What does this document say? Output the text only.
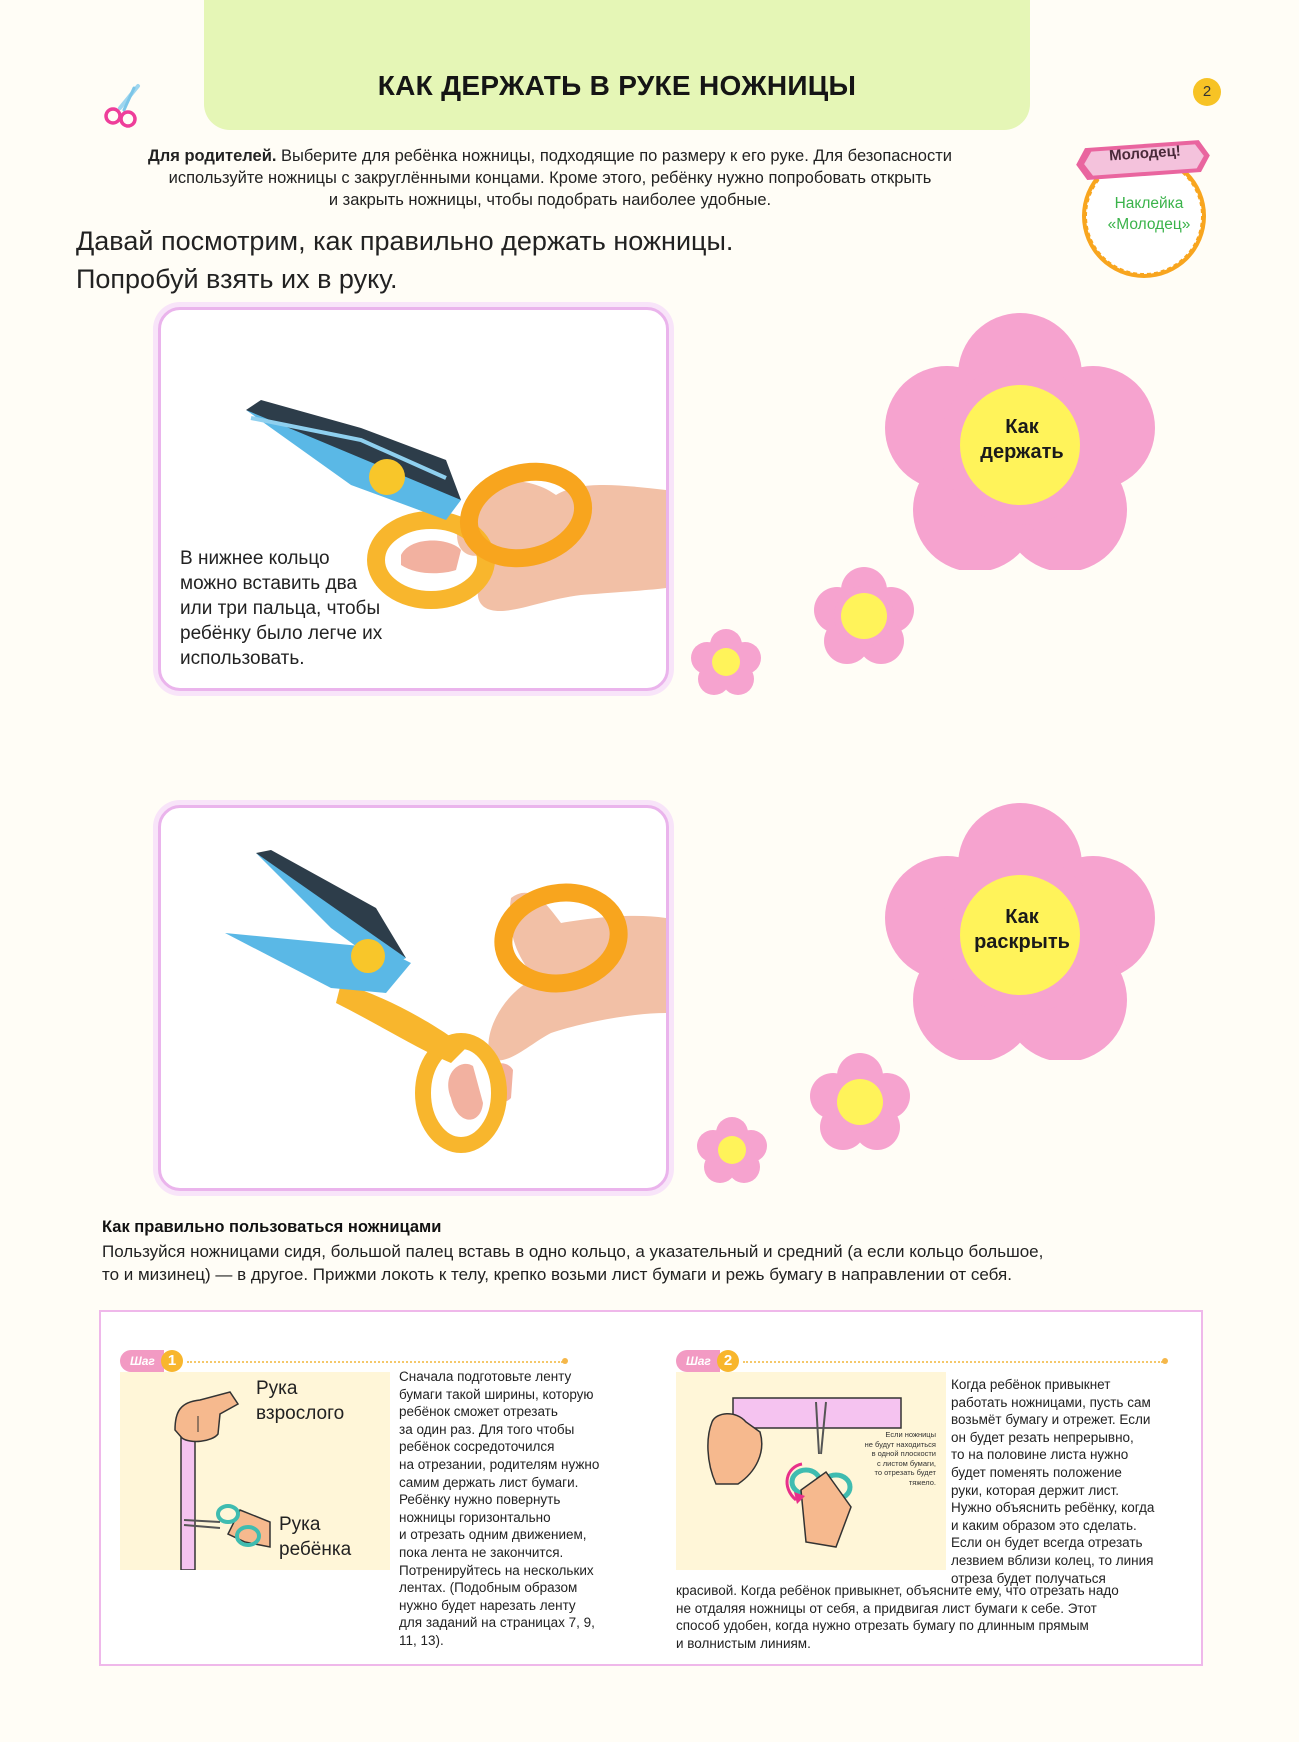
КАК ДЕРЖАТЬ В РУКЕ НОЖНИЦЫ	2
Для родителей. Выберите для ребёнка ножницы, подходящие по размеру к его руке. Для безопасности
используйте ножницы с закруглёнными концами. Кроме этого, ребёнку нужно попробовать открыть
и закрыть ножницы, чтобы подобрать наиболее удобные.
Молодец!
Наклейка
«Молодец»
Давай посмотрим, как правильно держать ножницы.
Попробуй взять их в руку.
В нижнее кольцо
можно вставить два
или три пальца, чтобы
ребёнку было легче их
использовать.
Как
держать
Как
раскрыть
Как правильно пользоваться ножницами
Пользуйся ножницами сидя, большой палец вставь в одно кольцо, а указательный и средний (а если кольцо большое,
то и мизинец) — в другое. Прижми локоть к телу, крепко возьми лист бумаги и режь бумагу в направлении от себя.
Шаг 1
Рука
взрослого
Рука
ребёнка
Сначала подготовьте ленту
бумаги такой ширины, которую
ребёнок сможет отрезать
за один раз. Для того чтобы
ребёнок сосредоточился
на отрезании, родителям нужно
самим держать лист бумаги.
Ребёнку нужно повернуть
ножницы горизонтально
и отрезать одним движением,
пока лента не закончится.
Потренируйтесь на нескольких
лентах. (Подобным образом
нужно будет нарезать ленту
для заданий на страницах 7, 9,
11, 13).
Шаг 2
Если ножницы
не будут находиться
в одной плоскости
с листом бумаги,
то отрезать будет
тяжело.
Когда ребёнок привыкнет
работать ножницами, пусть сам
возьмёт бумагу и отрежет. Если
он будет резать непрерывно,
то на половине листа нужно
будет поменять положение
руки, которая держит лист.
Нужно объяснить ребёнку, когда
и каким образом это сделать.
Если он будет всегда отрезать
лезвием вблизи колец, то линия
отреза будет получаться
красивой. Когда ребёнок привыкнет, объясните ему, что отрезать надо
не отдаляя ножницы от себя, а придвигая лист бумаги к себе. Этот
способ удобен, когда нужно отрезать бумагу по длинным прямым
и волнистым линиям.
